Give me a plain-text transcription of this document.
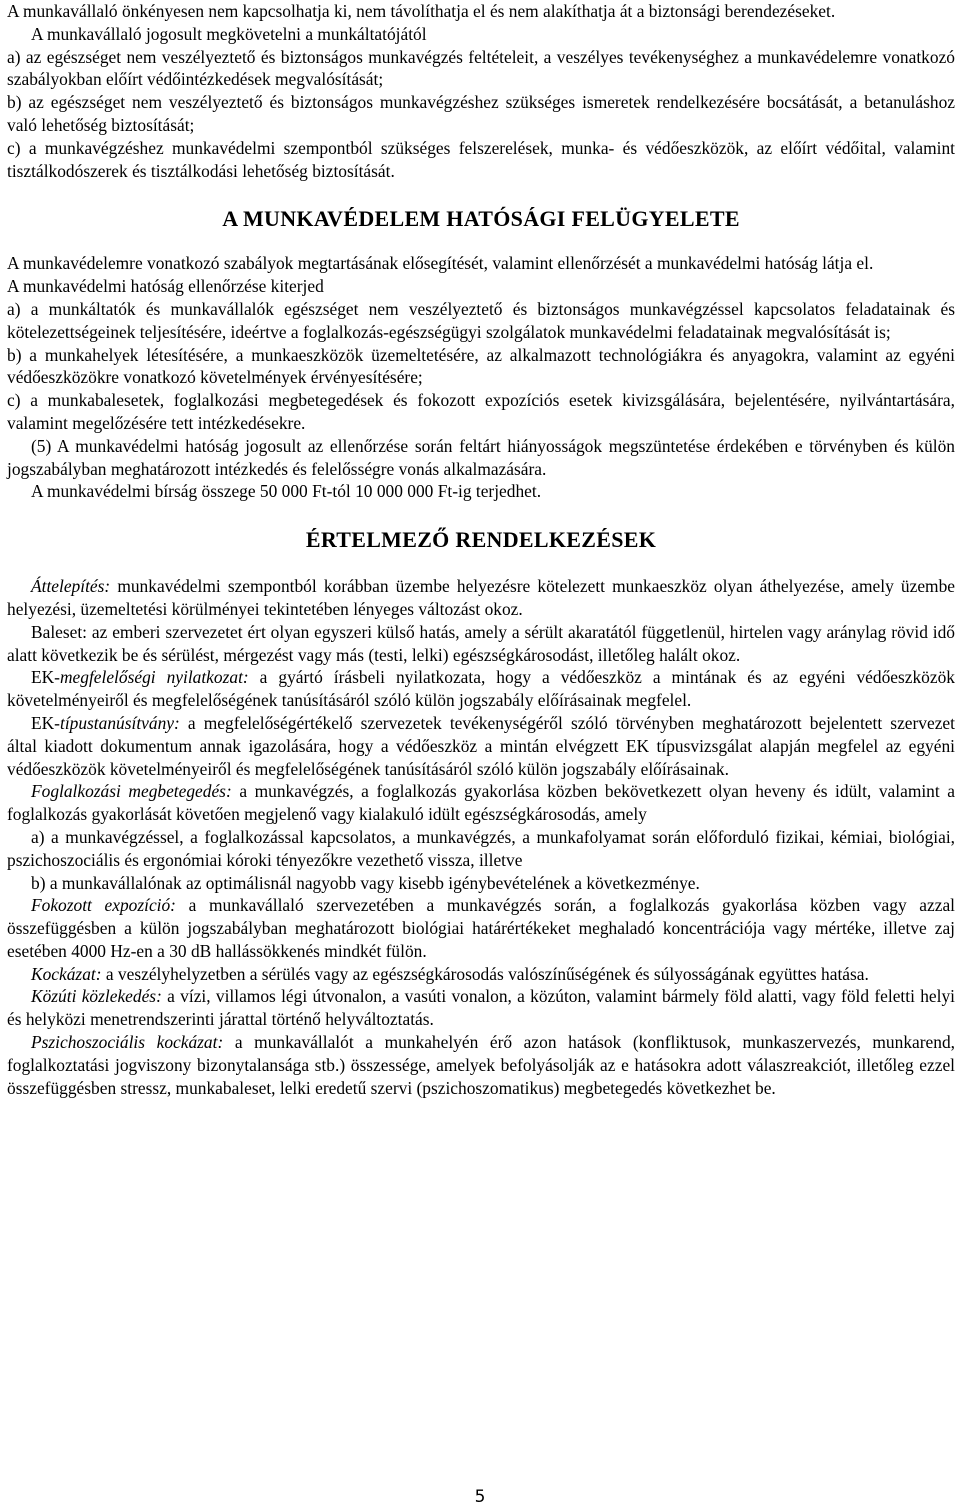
A munkavállaló önkényesen nem kapcsolhatja ki, nem távolíthatja el és nem alakíthatja át a biztonsági berendezéseket.

A munkavállaló jogosult megkövetelni a munkáltatójától

a) az egészséget nem veszélyeztető és biztonságos munkavégzés feltételeit, a veszélyes tevékenységhez a munkavédelemre vonatkozó szabályokban előírt védőintézkedések megvalósítását;

b) az egészséget nem veszélyeztető és biztonságos munkavégzéshez szükséges ismeretek rendelkezésére bocsátását, a betanuláshoz való lehetőség biztosítását;

c) a munkavégzéshez munkavédelmi szempontból szükséges felszerelések, munka- és védőeszközök, az előírt védőital, valamint tisztálkodószerek és tisztálkodási lehetőség biztosítását.

A MUNKAVÉDELEM HATÓSÁGI FELÜGYELETE

A munkavédelemre vonatkozó szabályok megtartásának elősegítését, valamint ellenőrzését a munkavédelmi hatóság látja el.

A munkavédelmi hatóság ellenőrzése kiterjed

a) a munkáltatók és munkavállalók egészséget nem veszélyeztető és biztonságos munkavégzéssel kapcsolatos feladatainak és kötelezettségeinek teljesítésére, ideértve a foglalkozás-egészségügyi szolgálatok munkavédelmi feladatainak megvalósítását is;

b) a munkahelyek létesítésére, a munkaeszközök üzemeltetésére, az alkalmazott technológiákra és anyagokra, valamint az egyéni védőeszközökre vonatkozó követelmények érvényesítésére;

c) a munkabalesetek, foglalkozási megbetegedések és fokozott expozíciós esetek kivizsgálására, bejelentésére, nyilvántartására, valamint megelőzésére tett intézkedésekre.

(5) A munkavédelmi hatóság jogosult az ellenőrzése során feltárt hiányosságok megszüntetése érdekében e törvényben és külön jogszabályban meghatározott intézkedés és felelősségre vonás alkalmazására.

A munkavédelmi bírság összege 50 000 Ft-tól 10 000 000 Ft-ig terjedhet.

ÉRTELMEZŐ RENDELKEZÉSEK

Áttelepítés: munkavédelmi szempontból korábban üzembe helyezésre kötelezett munkaeszköz olyan áthelyezése, amely üzembe helyezési, üzemeltetési körülményei tekintetében lényeges változást okoz.

Baleset: az emberi szervezetet ért olyan egyszeri külső hatás, amely a sérült akaratától függetlenül, hirtelen vagy aránylag rövid idő alatt következik be és sérülést, mérgezést vagy más (testi, lelki) egészségkárosodást, illetőleg halált okoz.

EK-megfelelőségi nyilatkozat: a gyártó írásbeli nyilatkozata, hogy a védőeszköz a mintának és az egyéni védőeszközök követelményeiről és megfelelőségének tanúsításáról szóló külön jogszabály előírásainak megfelel.

EK-típustanúsítvány: a megfelelőségértékelő szervezetek tevékenységéről szóló törvényben meghatározott bejelentett szervezet által kiadott dokumentum annak igazolására, hogy a védőeszköz a mintán elvégzett EK típusvizsgálat alapján megfelel az egyéni védőeszközök követelményeiről és megfelelőségének tanúsításáról szóló külön jogszabály előírásainak.

Foglalkozási megbetegedés: a munkavégzés, a foglalkozás gyakorlása közben bekövetkezett olyan heveny és idült, valamint a foglalkozás gyakorlását követően megjelenő vagy kialakuló idült egészségkárosodás, amely

a) a munkavégzéssel, a foglalkozással kapcsolatos, a munkavégzés, a munkafolyamat során előforduló fizikai, kémiai, biológiai, pszichoszociális és ergonómiai kóroki tényezőkre vezethető vissza, illetve

b) a munkavállalónak az optimálisnál nagyobb vagy kisebb igénybevételének a következménye.

Fokozott expozíció: a munkavállaló szervezetében a munkavégzés során, a foglalkozás gyakorlása közben vagy azzal összefüggésben a külön jogszabályban meghatározott biológiai határértékeket meghaladó koncentrációja vagy mértéke, illetve zaj esetében 4000 Hz-en a 30 dB hallássökkenés mindkét fülön.

Kockázat: a veszélyhelyzetben a sérülés vagy az egészségkárosodás valószínűségének és súlyosságának együttes hatása.

Közúti közlekedés: a vízi, villamos légi útvonalon, a vasúti vonalon, a közúton, valamint bármely föld alatti, vagy föld feletti helyi és helyközi menetrendszerinti járattal történő helyváltoztatás.

Pszichoszociális kockázat: a munkavállalót a munkahelyén érő azon hatások (konfliktusok, munkaszervezés, munkarend, foglalkoztatási jogviszony bizonytalansága stb.) összessége, amelyek befolyásolják az e hatásokra adott válaszreakciót, illetőleg ezzel összefüggésben stressz, munkabaleset, lelki eredetű szervi (pszichoszomatikus) megbetegedés következhet be.

5
